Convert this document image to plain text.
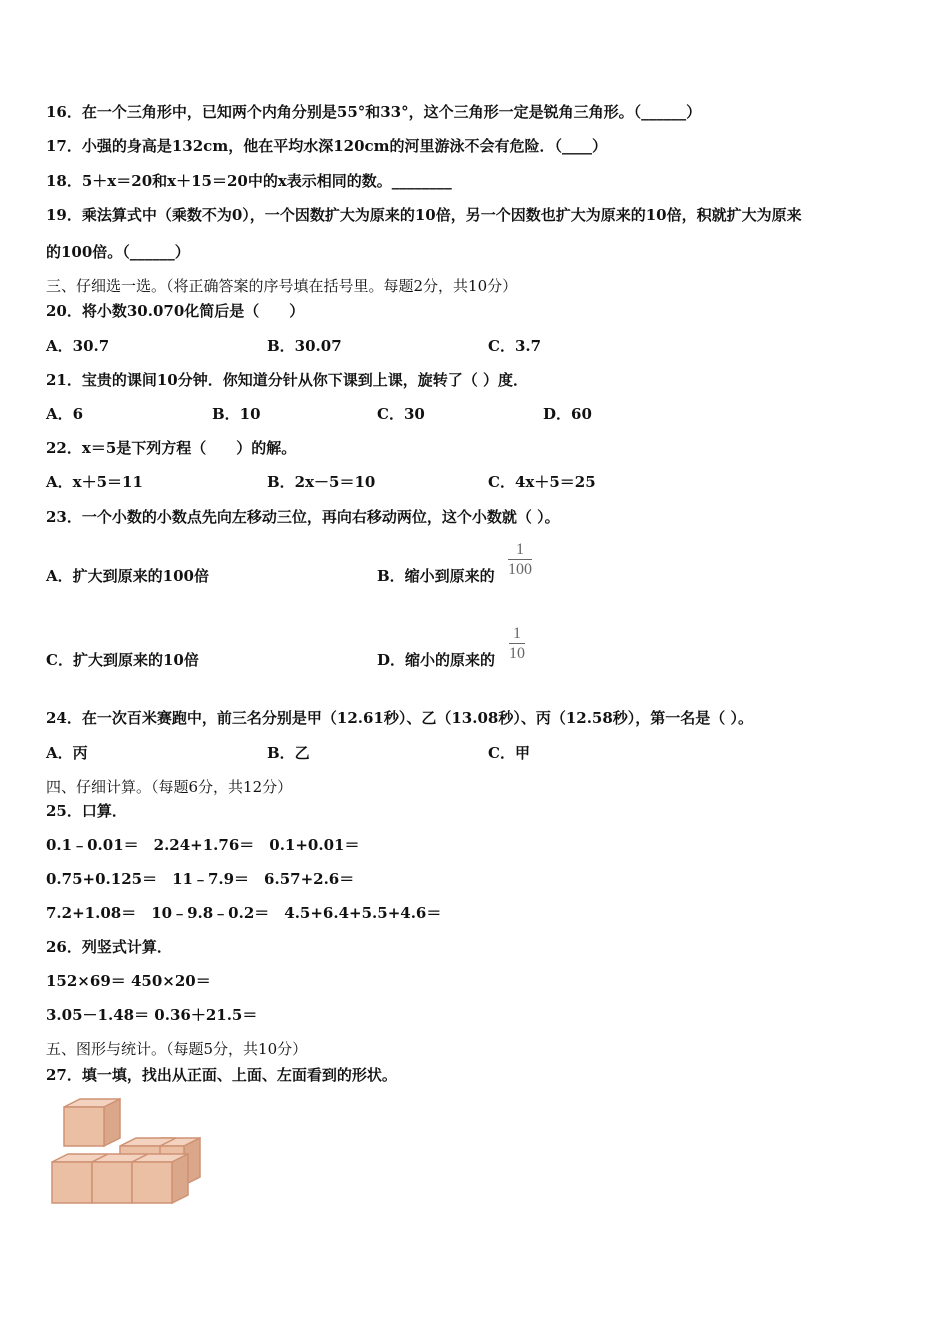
16．在一个三角形中，已知两个内角分别是55°和33°，这个三角形一定是锐角三角形。（______）
17．小强的身高是132cm，他在平均水深120cm的河里游泳不会有危险．（____）
18．5＋x＝20和x＋15＝20中的x表示相同的数。________
19．乘法算式中（乘数不为0），一个因数扩大为原来的10倍，另一个因数也扩大为原来的10倍，积就扩大为原来
的100倍。（______）
三、仔细选一选。（将正确答案的序号填在括号里。每题2分，共10分）
20．将小数30.070化简后是（　　）
A．30.7	B．30.07	C．3.7
21．宝贵的课间10分钟．你知道分针从你下课到上课，旋转了（ ）度．
A．6	B．10	C．30	D．60
22．x＝5是下列方程（　　）的解。
A．x＋5＝11	B．2x－5＝10	C．4x＋5＝25
23．一个小数的小数点先向左移动三位，再向右移动两位，这个小数就（ ）。
A．扩大到原来的100倍	B．缩小到原来的
1
100
C．扩大到原来的10倍	D．缩小的原来的
1
10
24．在一次百米赛跑中，前三名分别是甲（12.61秒）、乙（13.08秒）、丙（12.58秒），第一名是（ ）。
A．丙	B．乙	C．甲
四、仔细计算。（每题6分，共12分）
25．口算．
0.1﹣0.01＝　2.24+1.76＝　0.1+0.01＝
0.75+0.125＝　11﹣7.9＝　6.57+2.6＝
7.2+1.08＝　10﹣9.8﹣0.2＝　4.5+6.4+5.5+4.6＝
26．列竖式计算．
152×69＝ 450×20＝
3.05－1.48＝ 0.36＋21.5＝
五、图形与统计。（每题5分，共10分）
27．填一填，找出从正面、上面、左面看到的形状。
